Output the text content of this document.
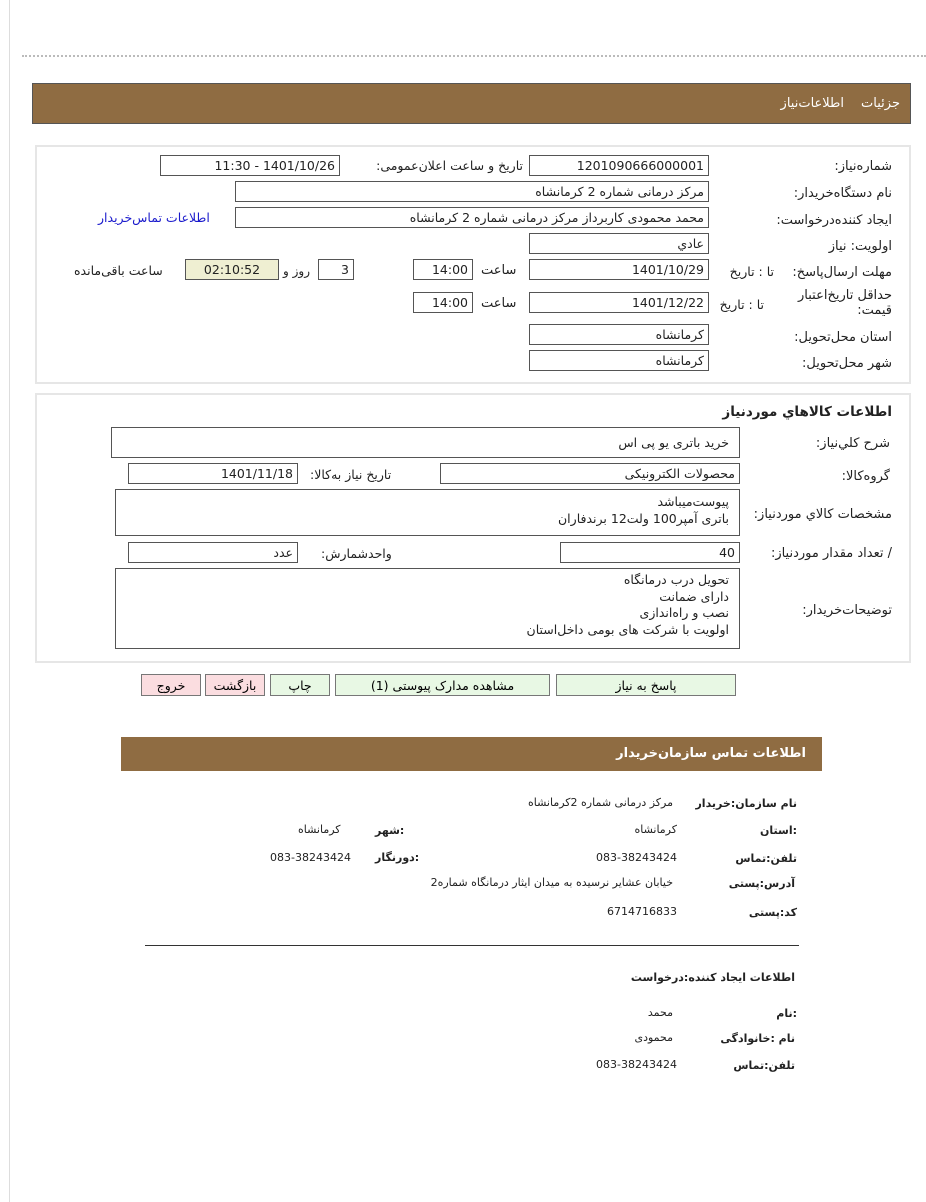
جزئیات
اطلاعات‌نیاز
شماره‌نیاز:
1201090666000001
تاریخ و ساعت اعلان‌عمومی:
1401/10/26 - 11:30
نام دستگاه‌خریدار:
مرکز درمانی شماره 2 کرمانشاه
ایجاد کننده‌درخواست:
محمد محمودی کاربرداز مرکز درمانی شماره 2 کرمانشاه
اطلاعات تماس‌خریدار
اولویت: نیاز
عادي
مهلت ارسال‌پاسخ:
تا : تاریخ
1401/10/29
ساعت
14:00
3
روز و
02:10:52
ساعت باقی‌مانده
حداقل تاریخ‌اعتبار قیمت:
تا : تاریخ
1401/12/22
ساعت
14:00
استان محل‌تحویل:
کرمانشاه
شهر محل‌تحویل:
کرمانشاه
اطلاعات کالاهاي موردنیاز
شرح کلي‌نیاز:
خرید باتری یو پی اس
گروه‌کالا:
محصولات الکترونیکی
تاریخ نیاز به‌کالا:
1401/11/18
مشخصات کالاي مورد‌نیاز:
پیوست‌میباشد
باتری آمپر100 ولت12 برندفاران
/ تعداد مقدار مورد‌نیاز:
40
واحد‌شمارش:
عدد
توضیحات‌خریدار:
تحویل درب درمانگاه
دارای ضمانت
نصب و راه‌اندازی
اولویت با شرکت های بومی داخل‌استان
پاسخ به نیاز
مشاهده مدارک پیوستی (1)
چاپ
بازگشت
خروج
اطلاعات تماس سازمان‌خریدار
نام سازمان:خریدار
مرکز درمانی شماره 2کرمانشاه
:استان
کرمانشاه
:شهر
کرمانشاه
تلفن:تماس
083-38243424
:دورنگار
083-38243424
آدرس:پستی
خیابان عشایر نرسیده به میدان ایثار درمانگاه شماره2
کد:پستی
6714716833
اطلاعات ایجاد کننده:درخواست
:نام
محمد
نام :خانوادگی
محمودی
تلفن:تماس
083-38243424
